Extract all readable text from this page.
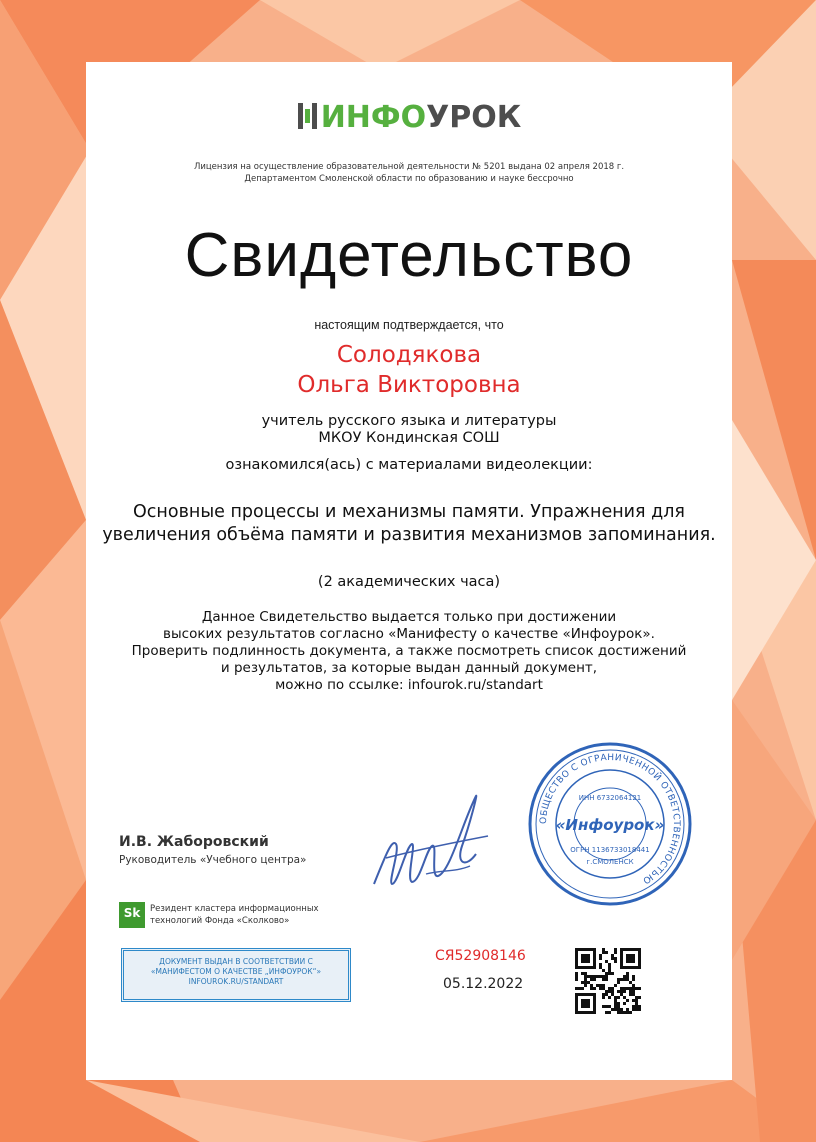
ИНФОУРОК
Лицензия на осуществление образовательной деятельности № 5201 выдана 02 апреля 2018 г.
Департаментом Смоленской области по образованию и науке бессрочно
Свидетельство
настоящим подтверждается, что
Солодякова
Ольга Викторовна
учитель русского языка и литературы
МКОУ Кондинская СОШ
ознакомился(ась) с материалами видеолекции:
Основные процессы и механизмы памяти. Упражнения для
увеличения объёма памяти и развития механизмов запоминания.
(2 академических часа)
Данное Свидетельство выдается только при достижении
высоких результатов согласно «Манифесту о качестве «Инфоурок».
Проверить подлинность документа, а также посмотреть список достижений
и результатов, за которые выдан данный документ,
можно по ссылке: infourok.ru/standart
ОБЩЕСТВО С ОГРАНИЧЕННОЙ ОТВЕТСТВЕННОСТЬЮ
ИНН 6732064121
«Инфоурок»
ОГРН 1136733018441
г.СМОЛЕНСК
И.В. Жаборовский
Руководитель «Учебного центра»
Sk	Резидент кластера информационных
технологий Фонда «Сколково»
ДОКУМЕНТ ВЫДАН В СООТВЕТСТВИИ С
«МАНИФЕСТОМ О КАЧЕСТВЕ „ИНФОУРОК“»
INFOUROK.RU/STANDART
СЯ52908146
05.12.2022
